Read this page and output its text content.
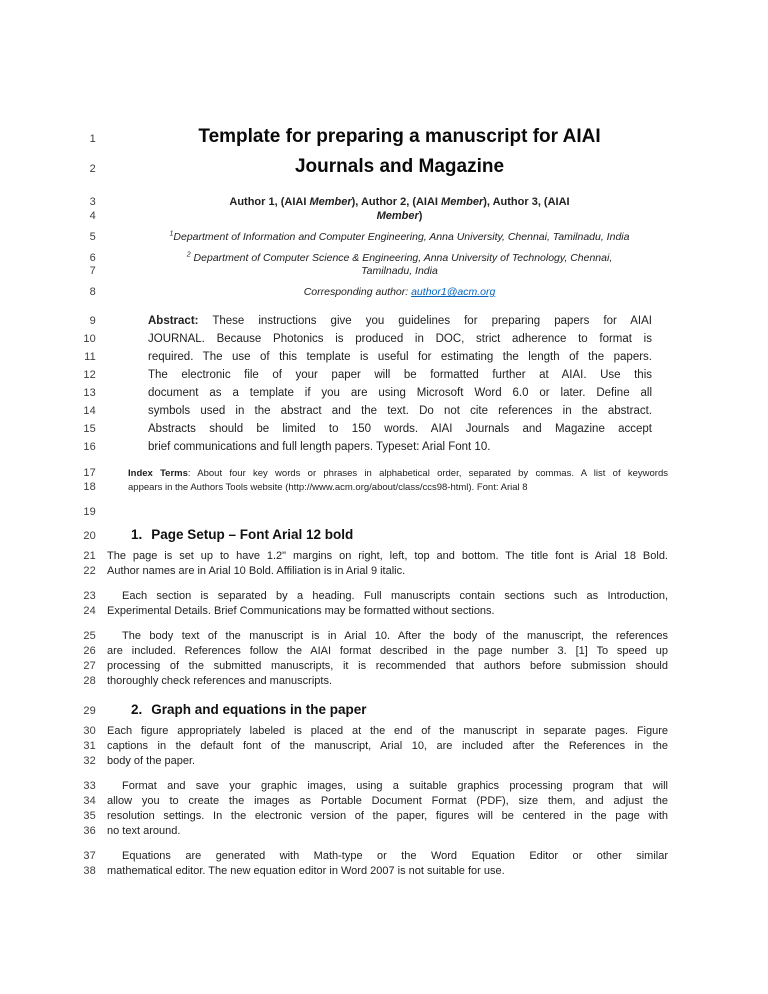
1	Template for preparing a manuscript for AIAI
2	Journals and Magazine
3	Author 1, (AIAI Member), Author 2, (AIAI Member), Author 3, (AIAI
4	Member)
5	$^1$Department of Information and Computer Engineering, Anna University, Chennai, Tamilnadu, India
6	$^2$ Department of Computer Science & Engineering, Anna University of Technology, Chennai,
7	Tamilnadu, India
8	Corresponding author: author1@acm.org
9	Abstract: These instructions give you guidelines for preparing papers for AIAI
10	JOURNAL. Because Photonics is produced in DOC, strict adherence to format is
11	required. The use of this template is useful for estimating the length of the papers.
12	The electronic file of your paper will be formatted further at AIAI. Use this
13	document as a template if you are using Microsoft Word 6.0 or later. Define all
14	symbols used in the abstract and the text. Do not cite references in the abstract.
15	Abstracts should be limited to 150 words. AIAI Journals and Magazine accept
16	brief communications and full length papers. Typeset: Arial Font 10.
17	Index Terms: About four key words or phrases in alphabetical order, separated by commas. A list of keywords
18	appears in the Authors Tools website (http://www.acm.org/about/class/ccs98-html). Font: Arial 8
19
20	1. Page Setup – Font Arial 12 bold
21 The page is set up to have 1.2" margins on right, left, top and bottom. The title font is Arial 18 Bold.
22 Author names are in Arial 10 Bold. Affiliation is in Arial 9 italic.
23	Each section is separated by a heading. Full manuscripts contain sections such as Introduction,
24 Experimental Details. Brief Communications may be formatted without sections.
25	The body text of the manuscript is in Arial 10. After the body of the manuscript, the references
26 are included. References follow the AIAI format described in the page number 3. [1] To speed up
27 processing of the submitted manuscripts, it is recommended that authors before submission should
28 thoroughly check references and manuscripts.
29	2. Graph and equations in the paper
30 Each figure appropriately labeled is placed at the end of the manuscript in separate pages. Figure
31 captions in the default font of the manuscript, Arial 10, are included after the References in the
32 body of the paper.
33	Format and save your graphic images, using a suitable graphics processing program that will
34 allow you to create the images as Portable Document Format (PDF), size them, and adjust the
35 resolution settings. In the electronic version of the paper, figures will be centered in the page with
36 no text around.
37	Equations are generated with Math-type or the Word Equation Editor or other similar
38 mathematical editor. The new equation editor in Word 2007 is not suitable for use.
